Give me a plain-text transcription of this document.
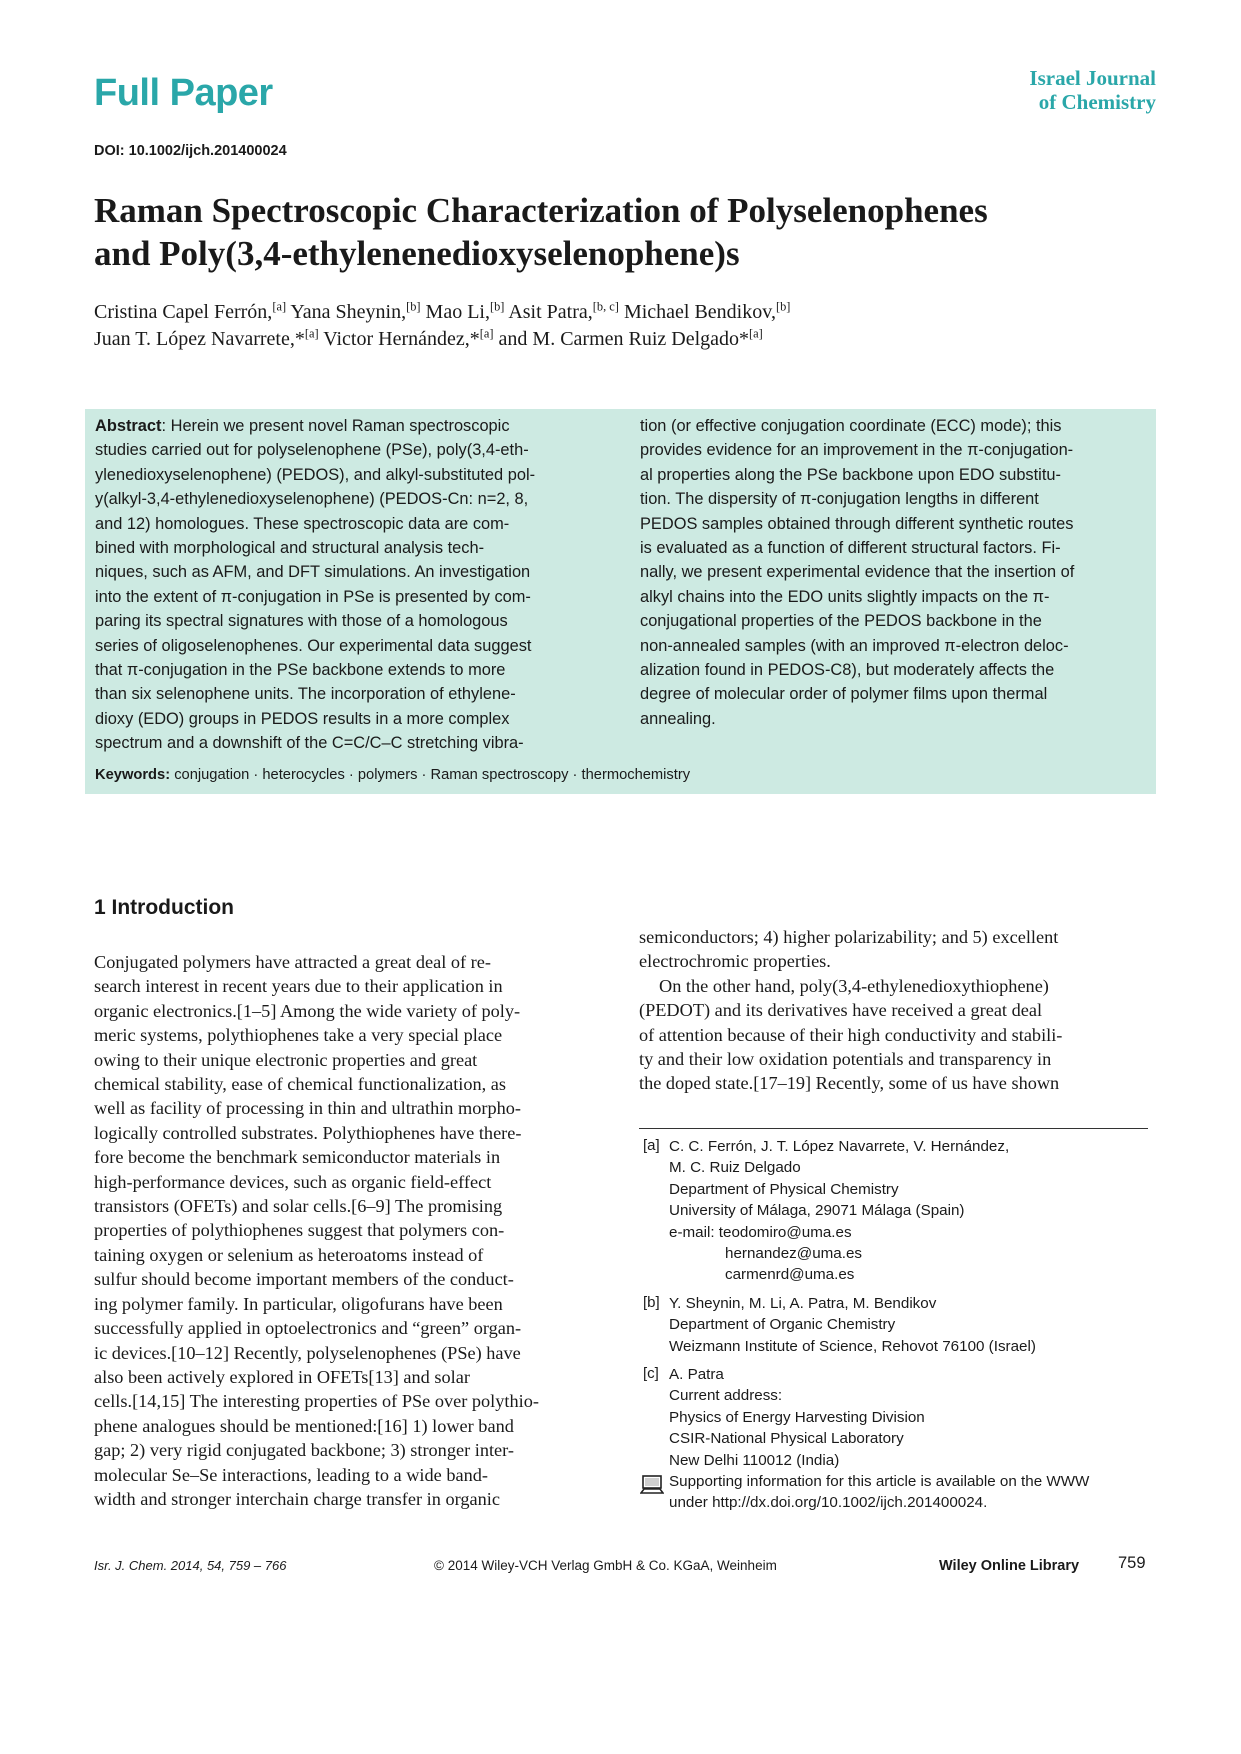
Full Paper	Israel Journal
of Chemistry
DOI: 10.1002/ijch.201400024
Raman Spectroscopic Characterization of Polyselenophenes
and Poly(3,4-ethylenenedioxyselenophene)s
Cristina Capel Ferrón,[a] Yana Sheynin,[b] Mao Li,[b] Asit Patra,[b, c] Michael Bendikov,[b]
Juan T. López Navarrete,*[a] Victor Hernández,*[a] and M. Carmen Ruiz Delgado*[a]
Abstract: Herein we present novel Raman spectroscopic
studies carried out for polyselenophene (PSe), poly(3,4-eth-
ylenedioxyselenophene) (PEDOS), and alkyl-substituted pol-
y(alkyl-3,4-ethylenedioxyselenophene) (PEDOS-Cn: n=2, 8,
and 12) homologues. These spectroscopic data are com-
bined with morphological and structural analysis tech-
niques, such as AFM, and DFT simulations. An investigation
into the extent of π-conjugation in PSe is presented by com-
paring its spectral signatures with those of a homologous
series of oligoselenophenes. Our experimental data suggest
that π-conjugation in the PSe backbone extends to more
than six selenophene units. The incorporation of ethylene-
dioxy (EDO) groups in PEDOS results in a more complex
spectrum and a downshift of the C=C/C–C stretching vibra-
tion (or effective conjugation coordinate (ECC) mode); this
provides evidence for an improvement in the π-conjugation-
al properties along the PSe backbone upon EDO substitu-
tion. The dispersity of π-conjugation lengths in different
PEDOS samples obtained through different synthetic routes
is evaluated as a function of different structural factors. Fi-
nally, we present experimental evidence that the insertion of
alkyl chains into the EDO units slightly impacts on the π-
conjugational properties of the PEDOS backbone in the
non-annealed samples (with an improved π-electron deloc-
alization found in PEDOS-C8), but moderately affects the
degree of molecular order of polymer films upon thermal
annealing.
Keywords: conjugation · heterocycles · polymers · Raman spectroscopy · thermochemistry
1 Introduction
Conjugated polymers have attracted a great deal of re-
search interest in recent years due to their application in
organic electronics.[1–5] Among the wide variety of poly-
meric systems, polythiophenes take a very special place
owing to their unique electronic properties and great
chemical stability, ease of chemical functionalization, as
well as facility of processing in thin and ultrathin morpho-
logically controlled substrates. Polythiophenes have there-
fore become the benchmark semiconductor materials in
high-performance devices, such as organic field-effect
transistors (OFETs) and solar cells.[6–9] The promising
properties of polythiophenes suggest that polymers con-
taining oxygen or selenium as heteroatoms instead of
sulfur should become important members of the conduct-
ing polymer family. In particular, oligofurans have been
successfully applied in optoelectronics and “green” organ-
ic devices.[10–12] Recently, polyselenophenes (PSe) have
also been actively explored in OFETs[13] and solar
cells.[14,15] The interesting properties of PSe over polythio-
phene analogues should be mentioned:[16] 1) lower band
gap; 2) very rigid conjugated backbone; 3) stronger inter-
molecular Se–Se interactions, leading to a wide band-
width and stronger interchain charge transfer in organic
semiconductors; 4) higher polarizability; and 5) excellent
electrochromic properties.
On the other hand, poly(3,4-ethylenedioxythiophene)
(PEDOT) and its derivatives have received a great deal
of attention because of their high conductivity and stabili-
ty and their low oxidation potentials and transparency in
the doped state.[17–19] Recently, some of us have shown
[a] C. C. Ferrón, J. T. López Navarrete, V. Hernández,
M. C. Ruiz Delgado
Department of Physical Chemistry
University of Málaga, 29071 Málaga (Spain)
e-mail: teodomiro@uma.es
hernandez@uma.es
carmenrd@uma.es
[b] Y. Sheynin, M. Li, A. Patra, M. Bendikov
Department of Organic Chemistry
Weizmann Institute of Science, Rehovot 76100 (Israel)
[c] A. Patra
Current address:
Physics of Energy Harvesting Division
CSIR-National Physical Laboratory
New Delhi 110012 (India)
Supporting information for this article is available on the WWW
under http://dx.doi.org/10.1002/ijch.201400024.
Isr. J. Chem. 2014, 54, 759 – 766	© 2014 Wiley-VCH Verlag GmbH & Co. KGaA, Weinheim	Wiley Online Library 759
